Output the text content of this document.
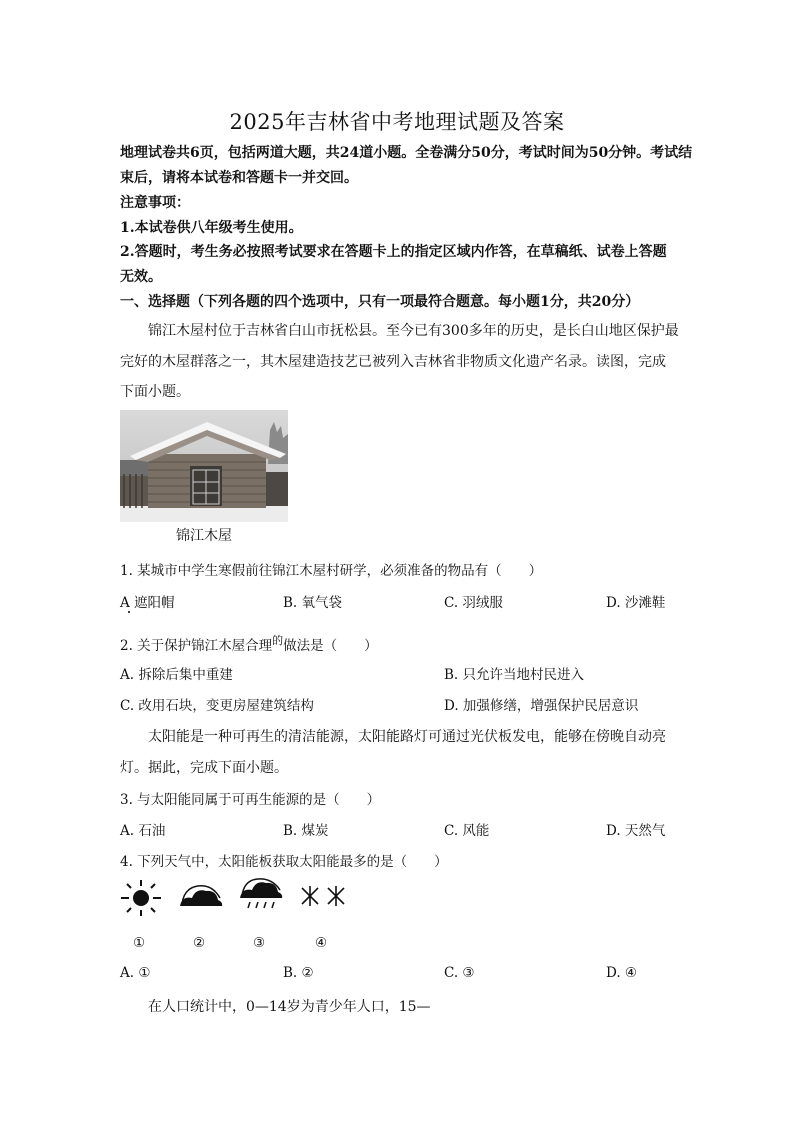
2025年吉林省中考地理试题及答案
地理试卷共6页，包括两道大题，共24道小题。全卷满分50分，考试时间为50分钟。考试结
束后，请将本试卷和答题卡一并交回。
注意事项：
1.本试卷供八年级考生使用。
2.答题时，考生务必按照考试要求在答题卡上的指定区域内作答，在草稿纸、试卷上答题
无效。
一、选择题（下列各题的四个选项中，只有一项最符合题意。每小题1分，共20分）
锦江木屋村位于吉林省白山市抚松县。至今已有300多年的历史，是长白山地区保护最
完好的木屋群落之一，其木屋建造技艺已被列入吉林省非物质文化遗产名录。读图，完成
下面小题。
锦江木屋
1. 某城市中学生寒假前往锦江木屋村研学，必须准备的物品有（　　）
A 遮阳帽	B. 氧气袋	C. 羽绒服	D. 沙滩鞋
2. 关于保护锦江木屋合理$^的$做法是（　　）
A. 拆除后集中重建	B. 只允许当地村民进入
C. 改用石块，变更房屋建筑结构	D. 加强修缮，增强保护民居意识
太阳能是一种可再生的清洁能源，太阳能路灯可通过光伏板发电，能够在傍晚自动亮
灯。据此，完成下面小题。
3. 与太阳能同属于可再生能源的是（　　）
A. 石油	B. 煤炭	C. 风能	D. 天然气
4. 下列天气中，太阳能板获取太阳能最多的是（　　）
①	②	③	④
A. ①	B. ②	C. ③	D. ④
在人口统计中，0—14岁为青少年人口，15—
